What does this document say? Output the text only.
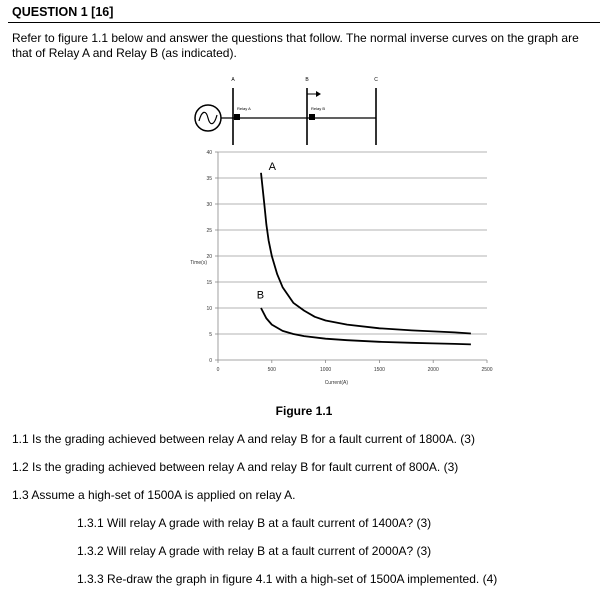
QUESTION 1 [16]
Refer to figure 1.1 below and answer the questions that follow. The normal inverse curves on the graph are that of Relay A and Relay B (as indicated).
A	B	C
Relay A	Relay B
0
5
10
15
20
25
30
35
40
0	500	1000	1500	2000	2500
Current(A)
Time(s)
A
B
Figure 1.1
1.1 Is the grading achieved between relay A and relay B for a fault current of 1800A. (3)
1.2 Is the grading achieved between relay A and relay B for fault current of 800A. (3)
1.3 Assume a high-set of 1500A is applied on relay A.
1.3.1 Will relay A grade with relay B at a fault current of 1400A? (3)
1.3.2 Will relay A grade with relay B at a fault current of 2000A? (3)
1.3.3 Re-draw the graph in figure 4.1 with a high-set of 1500A implemented. (4)
